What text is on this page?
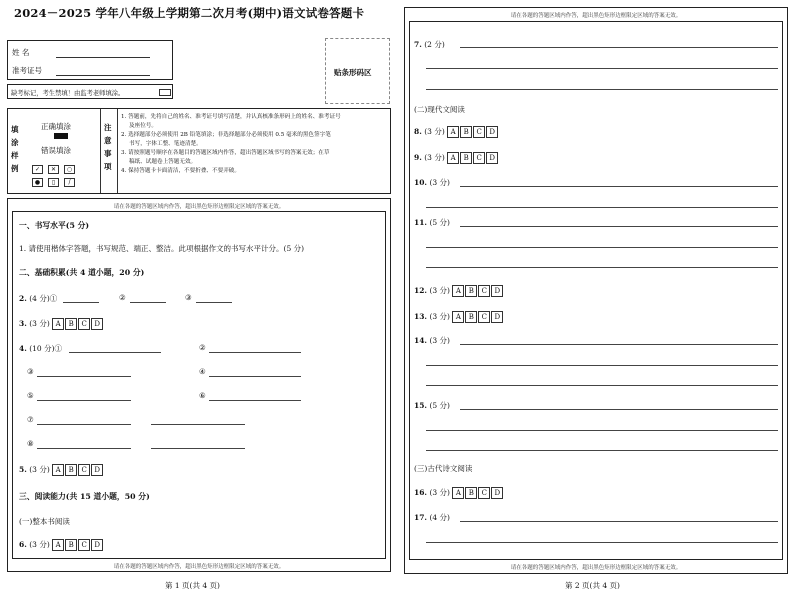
2024－2025 学年八年级上学期第二次月考(期中)语文试卷答题卡
姓 名
准考证号	贴条形码区
缺考标记，考生禁填！由监考老师填涂。
填 涂 样 例
正确填涂
错误填涂
✓ ✕ ○
● ▯ /
注 意 事 项
1. 答题前，先将自己的姓名、准考证号填写清楚，并认真核准条形码上的姓名、准考证号
及座位号。
2. 选择题部分必须使用 2B 铅笔填涂；非选择题部分必须使用 0.5 毫米的黑色签字笔
书写，字体工整、笔迹清楚。
3. 请按照题号顺序在各题目的答题区域内作答，超出答题区域书写的答案无效；在草
稿纸、试题卷上答题无效。
4. 保持答题卡卡面清洁，不要折叠、不要弄破。
请在各题的答题区域内作答，超出黑色矩形边框限定区域的答案无效。
一、书写水平(5 分)
1. 请使用楷体字答题，书写规范、端正、整洁。此项根据作文的书写水平计分。(5 分)
二、基础积累(共 4 道小题，20 分)
2. (4 分)①	②	③
3. (3 分) A B C D
4. (10 分)①	②
③	④
⑤	⑥
⑦
⑧
5. (3 分) A B C D
三、阅读能力(共 15 道小题，50 分)
(一)整本书阅读
6. (3 分) A B C D
请在各题的答题区域内作答，超出黑色矩形边框限定区域的答案无效。
第 1 页(共 4 页)
请在各题的答题区域内作答，超出黑色矩形边框限定区域的答案无效。
7. (2 分)
(二)现代文阅读
8. (3 分) A B C D
9. (3 分) A B C D
10. (3 分)
11. (5 分)
12. (3 分) A B C D
13. (3 分) A B C D
14. (3 分)
15. (5 分)
(三)古代诗文阅读
16. (3 分) A B C D
17. (4 分)
请在各题的答题区域内作答，超出黑色矩形边框限定区域的答案无效。
第 2 页(共 4 页)
